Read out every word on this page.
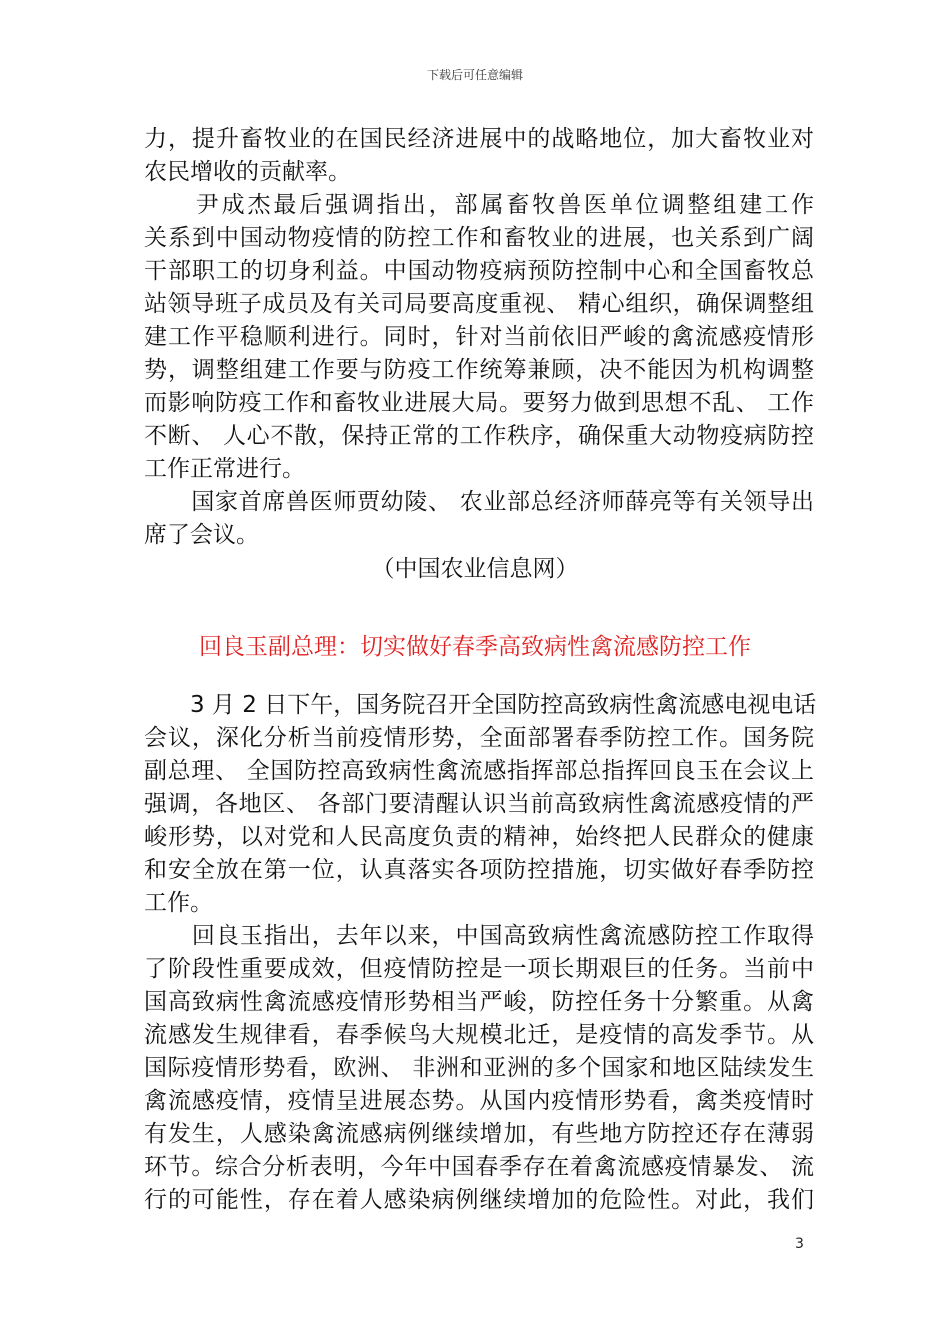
下载后可任意编辑
力，提升畜牧业的在国民经济进展中的战略地位，加大畜牧业对
农民增收的贡献率。
　　尹成杰最后强调指出，部属畜牧兽医单位调整组建工作
关系到中国动物疫情的防控工作和畜牧业的进展，也关系到广阔
干部职工的切身利益。中国动物疫病预防控制中心和全国畜牧总
站领导班子成员及有关司局要高度重视、 精心组织，确保调整组
建工作平稳顺利进行。同时，针对当前依旧严峻的禽流感疫情形
势，调整组建工作要与防疫工作统筹兼顾，决不能因为机构调整
而影响防疫工作和畜牧业进展大局。要努力做到思想不乱、 工作
不断、 人心不散，保持正常的工作秩序，确保重大动物疫病防控
工作正常进行。
　　国家首席兽医师贾幼陵、 农业部总经济师薛亮等有关领导出
席了会议。
（中国农业信息网）
回良玉副总理：切实做好春季高致病性禽流感防控工作
　　3 月 2 日下午，国务院召开全国防控高致病性禽流感电视电话
会议，深化分析当前疫情形势，全面部署春季防控工作。国务院
副总理、 全国防控高致病性禽流感指挥部总指挥回良玉在会议上
强调，各地区、 各部门要清醒认识当前高致病性禽流感疫情的严
峻形势，以对党和人民高度负责的精神，始终把人民群众的健康
和安全放在第一位，认真落实各项防控措施，切实做好春季防控
工作。
　　回良玉指出，去年以来，中国高致病性禽流感防控工作取得
了阶段性重要成效，但疫情防控是一项长期艰巨的任务。当前中
国高致病性禽流感疫情形势相当严峻，防控任务十分繁重。从禽
流感发生规律看，春季候鸟大规模北迁，是疫情的高发季节。从
国际疫情形势看，欧洲、 非洲和亚洲的多个国家和地区陆续发生
禽流感疫情，疫情呈进展态势。从国内疫情形势看，禽类疫情时
有发生，人感染禽流感病例继续增加，有些地方防控还存在薄弱
环节。综合分析表明，今年中国春季存在着禽流感疫情暴发、 流
行的可能性，存在着人感染病例继续增加的危险性。对此，我们
3
